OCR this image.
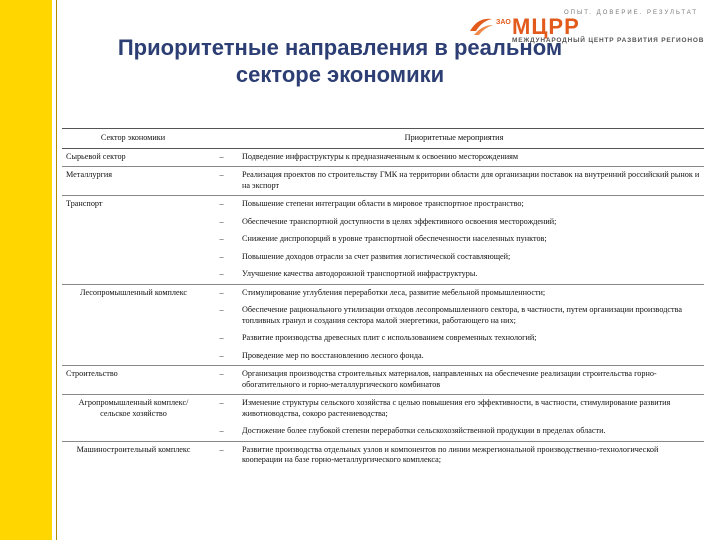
ОПЫТ. ДОВЕРИЕ. РЕЗУЛЬТАТ
ЗАО МЦРР
МЕЖДУНАРОДНЫЙ ЦЕНТР РАЗВИТИЯ РЕГИОНОВ
Приоритетные направления в реальном
секторе экономики
Сектор экономики	Приоритетные мероприятия	
Сырьевой сектор	–	Подведение инфраструктуры к предназначенным к освоению месторождениям
Металлургия	–	Реализация проектов по строительству ГМК на территории области для организации поставок на внутренний российский рынок и на экспорт
Транспорт	–	Повышение степени интеграции области в мировое транспортное пространство;
	–	Обеспечение транспортной доступности в целях эффективного освоения месторождений;
	–	Снижение диспропорций в уровне транспортной обеспеченности населенных пунктов;
	–	Повышение доходов отрасли за счет развития логистической составляющей;
	–	Улучшение качества автодорожной транспортной инфраструктуры.
Лесопромышленный комплекс	–	Стимулирование углубления переработки леса, развитие мебельной промышленности;
	–	Обеспечение рационального утилизации отходов лесопромышленного сектора, в частности, путем организации производства топливных гранул и создания сектора малой энергетики, работающего на них;
	–	Развитие производства древесных плит с использованием современных технологий;
	–	Проведение мер по восстановлению лесного фонда.
Строительство	–	Организация производства строительных материалов, направленных на обеспечение реализации строительства горно-обогатительного и горно-металлургического комбинатов
Агропромышленный комплекс/сельское хозяйство	–	Изменение структуры сельского хозяйства с целью повышения его эффективности, в частности, стимулирование развития животноводства, сокоро растениеводства;
	–	Достижение более глубокой степени переработки сельскохозяйственной продукции в пределах области.
Машиностроительный комплекс	–	Развитие производства отдельных узлов и компонентов по линии межрегиональной производственно-технологической кооперации на базе горно-металлургического комплекса;
